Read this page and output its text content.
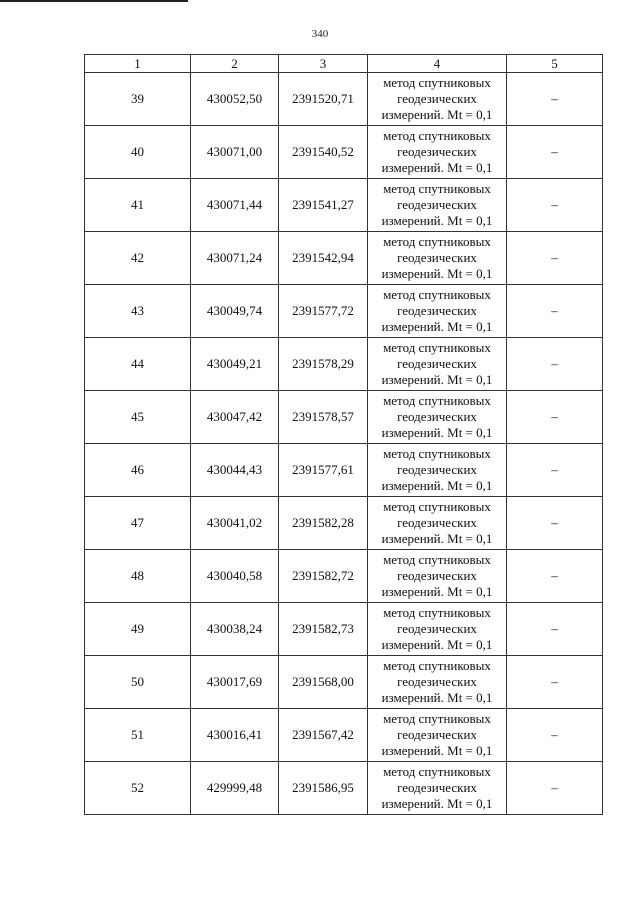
340
1	2	3	4	5
39	430052,50	2391520,71	метод спутниковых
геодезических
измерений. Mt = 0,1	–
40	430071,00	2391540,52	метод спутниковых
геодезических
измерений. Mt = 0,1	–
41	430071,44	2391541,27	метод спутниковых
геодезических
измерений. Mt = 0,1	–
42	430071,24	2391542,94	метод спутниковых
геодезических
измерений. Mt = 0,1	–
43	430049,74	2391577,72	метод спутниковых
геодезических
измерений. Mt = 0,1	–
44	430049,21	2391578,29	метод спутниковых
геодезических
измерений. Mt = 0,1	–
45	430047,42	2391578,57	метод спутниковых
геодезических
измерений. Mt = 0,1	–
46	430044,43	2391577,61	метод спутниковых
геодезических
измерений. Mt = 0,1	–
47	430041,02	2391582,28	метод спутниковых
геодезических
измерений. Mt = 0,1	–
48	430040,58	2391582,72	метод спутниковых
геодезических
измерений. Mt = 0,1	–
49	430038,24	2391582,73	метод спутниковых
геодезических
измерений. Mt = 0,1	–
50	430017,69	2391568,00	метод спутниковых
геодезических
измерений. Mt = 0,1	–
51	430016,41	2391567,42	метод спутниковых
геодезических
измерений. Mt = 0,1	–
52	429999,48	2391586,95	метод спутниковых
геодезических
измерений. Mt = 0,1	–
